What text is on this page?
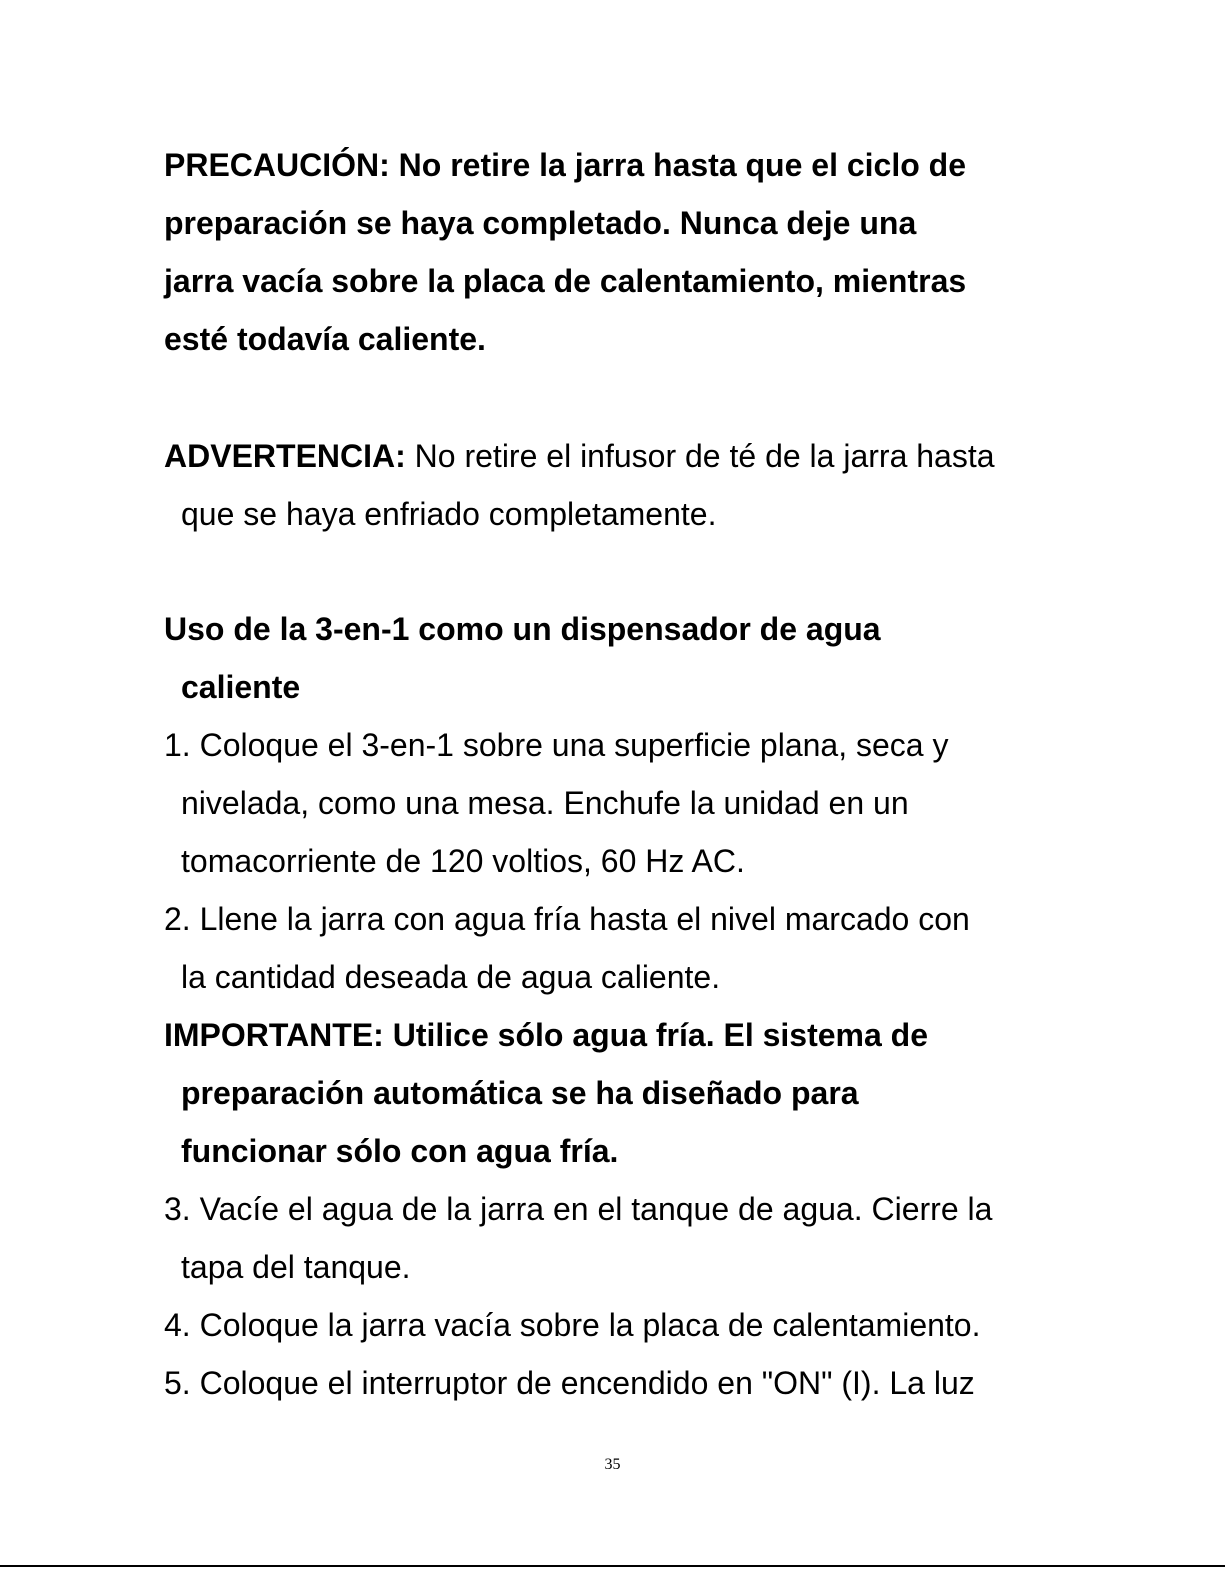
PRECAUCIÓN: No retire la jarra hasta que el ciclo de
preparación se haya completado. Nunca deje una
jarra vacía sobre la placa de calentamiento, mientras
esté todavía caliente.
ADVERTENCIA: No retire el infusor de té de la jarra hasta
que se haya enfriado completamente.
Uso de la 3-en-1 como un dispensador de agua
caliente
1. Coloque el 3-en-1 sobre una superficie plana, seca y
nivelada, como una mesa. Enchufe la unidad en un
tomacorriente de 120 voltios, 60 Hz AC.
2. Llene la jarra con agua fría hasta el nivel marcado con
la cantidad deseada de agua caliente.
IMPORTANTE: Utilice sólo agua fría. El sistema de
preparación automática se ha diseñado para
funcionar sólo con agua fría.
3. Vacíe el agua de la jarra en el tanque de agua. Cierre la
tapa del tanque.
4. Coloque la jarra vacía sobre la placa de calentamiento.
5. Coloque el interruptor de encendido en "ON" (I). La luz
35
